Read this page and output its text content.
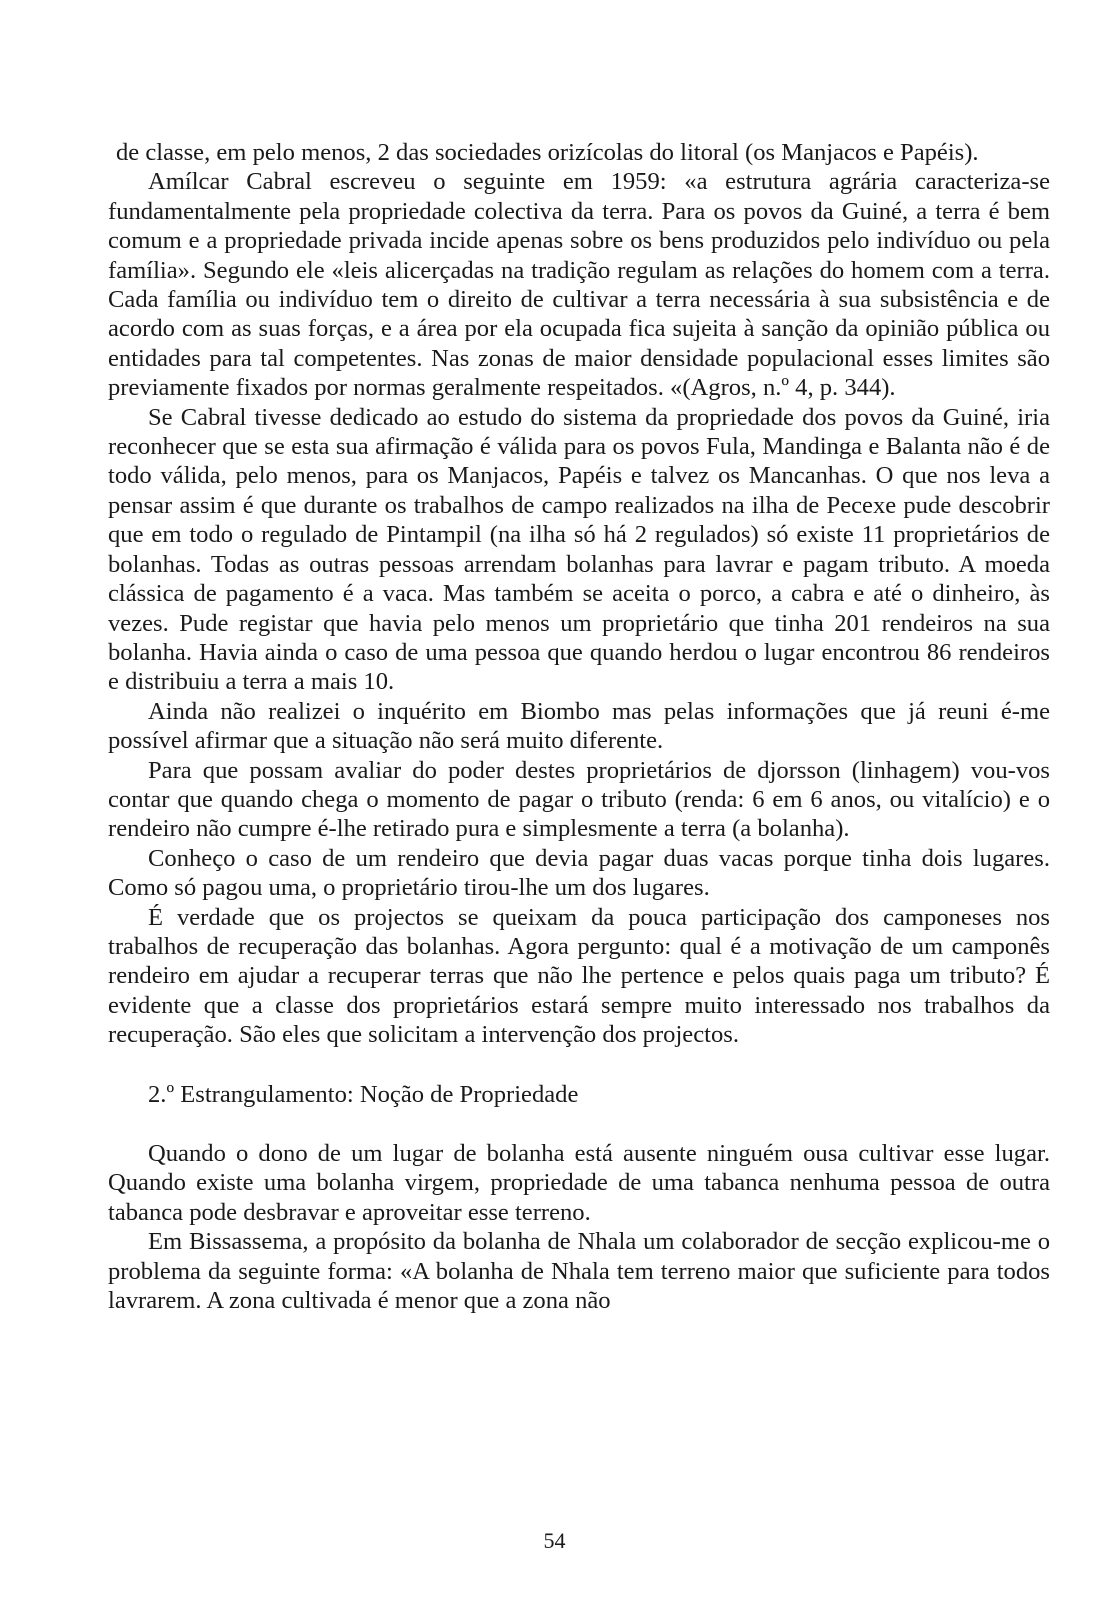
de classe, em pelo menos, 2 das sociedades orizícolas do litoral (os Manjacos e Papéis).

Amílcar Cabral escreveu o seguinte em 1959: «a estrutura agrária caracteriza-se fundamentalmente pela propriedade colectiva da terra. Para os povos da Guiné, a terra é bem comum e a propriedade privada incide apenas sobre os bens produzidos pelo indivíduo ou pela família». Segundo ele «leis alicerçadas na tradição regulam as relações do homem com a terra. Cada família ou indivíduo tem o direito de cultivar a terra necessária à sua subsistência e de acordo com as suas forças, e a área por ela ocupada fica sujeita à sanção da opinião pública ou entidades para tal competentes. Nas zonas de maior densidade populacional esses limites são previamente fixados por normas geralmente respeitados. «(Agros, n.º 4, p. 344).

Se Cabral tivesse dedicado ao estudo do sistema da propriedade dos povos da Guiné, iria reconhecer que se esta sua afirmação é válida para os povos Fula, Mandinga e Balanta não é de todo válida, pelo menos, para os Manjacos, Papéis e talvez os Mancanhas. O que nos leva a pensar assim é que durante os trabalhos de campo realizados na ilha de Pecexe pude descobrir que em todo o regulado de Pintampil (na ilha só há 2 regulados) só existe 11 proprietários de bolanhas. Todas as outras pessoas arrendam bolanhas para lavrar e pagam tributo. A moeda clássica de pagamento é a vaca. Mas também se aceita o porco, a cabra e até o dinheiro, às vezes. Pude registar que havia pelo menos um proprietário que tinha 201 rendeiros na sua bolanha. Havia ainda o caso de uma pessoa que quando herdou o lugar encontrou 86 rendeiros e distribuiu a terra a mais 10.

Ainda não realizei o inquérito em Biombo mas pelas informações que já reuni é-me possível afirmar que a situação não será muito diferente.

Para que possam avaliar do poder destes proprietários de djorsson (linhagem) vou-vos contar que quando chega o momento de pagar o tributo (renda: 6 em 6 anos, ou vitalício) e o rendeiro não cumpre é-lhe retirado pura e simplesmente a terra (a bolanha).

Conheço o caso de um rendeiro que devia pagar duas vacas porque tinha dois lugares. Como só pagou uma, o proprietário tirou-lhe um dos lugares.

É verdade que os projectos se queixam da pouca participação dos camponeses nos trabalhos de recuperação das bolanhas. Agora pergunto: qual é a motivação de um camponês rendeiro em ajudar a recuperar terras que não lhe pertence e pelos quais paga um tributo? É evidente que a classe dos proprietários estará sempre muito interessado nos trabalhos da recuperação. São eles que solicitam a intervenção dos projectos.

2.º Estrangulamento: Noção de Propriedade

Quando o dono de um lugar de bolanha está ausente ninguém ousa cultivar esse lugar. Quando existe uma bolanha virgem, propriedade de uma tabanca nenhuma pessoa de outra tabanca pode desbravar e aproveitar esse terreno.

Em Bissassema, a propósito da bolanha de Nhala um colaborador de secção explicou-me o problema da seguinte forma: «A bolanha de Nhala tem terreno maior que suficiente para todos lavrarem. A zona cultivada é menor que a zona não

54
